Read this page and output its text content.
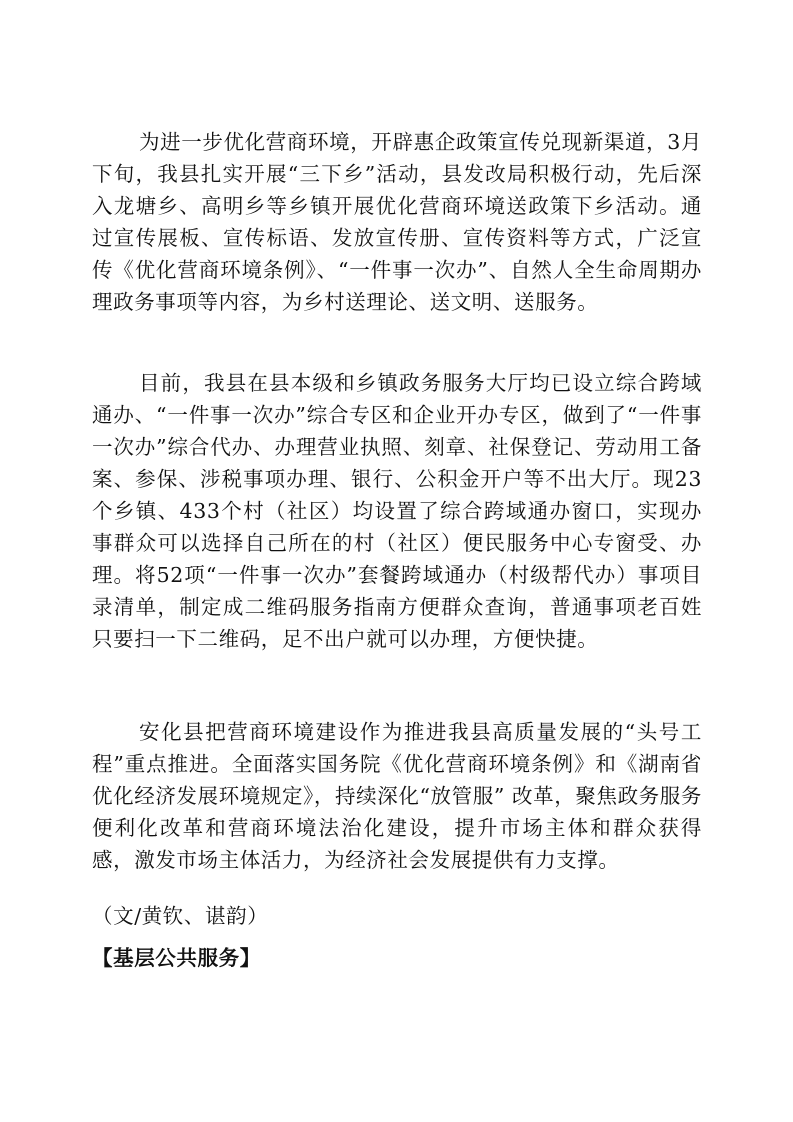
为进一步优化营商环境，开辟惠企政策宣传兑现新渠道，3月下旬，我县扎实开展“三下乡”活动，县发改局积极行动，先后深入龙塘乡、高明乡等乡镇开展优化营商环境送政策下乡活动。通过宣传展板、宣传标语、发放宣传册、宣传资料等方式，广泛宣传《优化营商环境条例》、“一件事一次办”、自然人全生命周期办理政务事项等内容，为乡村送理论、送文明、送服务。

目前，我县在县本级和乡镇政务服务大厅均已设立综合跨域通办、“一件事一次办”综合专区和企业开办专区，做到了“一件事一次办”综合代办、办理营业执照、刻章、社保登记、劳动用工备案、参保、涉税事项办理、银行、公积金开户等不出大厅。现23个乡镇、433个村（社区）均设置了综合跨域通办窗口，实现办事群众可以选择自己所在的村（社区）便民服务中心专窗受、办理。将52项“一件事一次办”套餐跨域通办（村级帮代办）事项目录清单，制定成二维码服务指南方便群众查询，普通事项老百姓只要扫一下二维码，足不出户就可以办理，方便快捷。

安化县把营商环境建设作为推进我县高质量发展的“头号工程”重点推进。全面落实国务院《优化营商环境条例》和《湖南省优化经济发展环境规定》，持续深化“放管服” 改革，聚焦政务服务便利化改革和营商环境法治化建设，提升市场主体和群众获得感，激发市场主体活力，为经济社会发展提供有力支撑。

（文/黄钦、谌韵）

【基层公共服务】
